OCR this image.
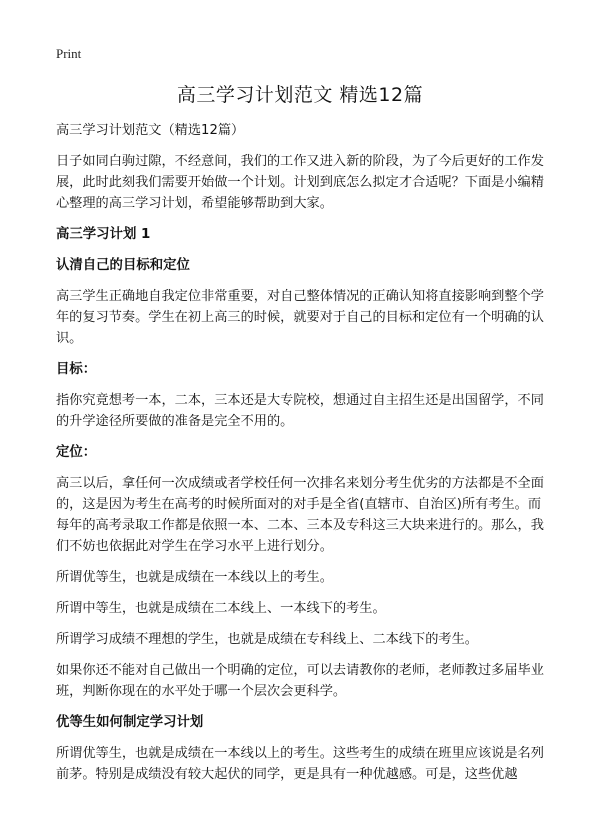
Print
高三学习计划范文 精选12篇

高三学习计划范文（精选12篇）

日子如同白驹过隙，不经意间，我们的工作又进入新的阶段，为了今后更好的工作发展，此时此刻我们需要开始做一个计划。计划到底怎么拟定才合适呢？下面是小编精心整理的高三学习计划，希望能够帮助到大家。

高三学习计划 1

认清自己的目标和定位

高三学生正确地自我定位非常重要，对自己整体情况的正确认知将直接影响到整个学年的复习节奏。学生在初上高三的时候，就要对于自己的目标和定位有一个明确的认识。

目标：

指你究竟想考一本，二本，三本还是大专院校，想通过自主招生还是出国留学，不同的升学途径所要做的准备是完全不用的。

定位：

高三以后，拿任何一次成绩或者学校任何一次排名来划分考生优劣的方法都是不全面的，这是因为考生在高考的时候所面对的对手是全省(直辖市、自治区)所有考生。而每年的高考录取工作都是依照一本、二本、三本及专科这三大块来进行的。那么，我们不妨也依据此对学生在学习水平上进行划分。

所谓优等生，也就是成绩在一本线以上的考生。

所谓中等生，也就是成绩在二本线上、一本线下的考生。

所谓学习成绩不理想的学生，也就是成绩在专科线上、二本线下的考生。

如果你还不能对自己做出一个明确的定位，可以去请教你的老师，老师教过多届毕业班，判断你现在的水平处于哪一个层次会更科学。

优等生如何制定学习计划

所谓优等生，也就是成绩在一本线以上的考生。这些考生的成绩在班里应该说是名列前茅。特别是成绩没有较大起伏的同学，更是具有一种优越感。可是，这些优越
